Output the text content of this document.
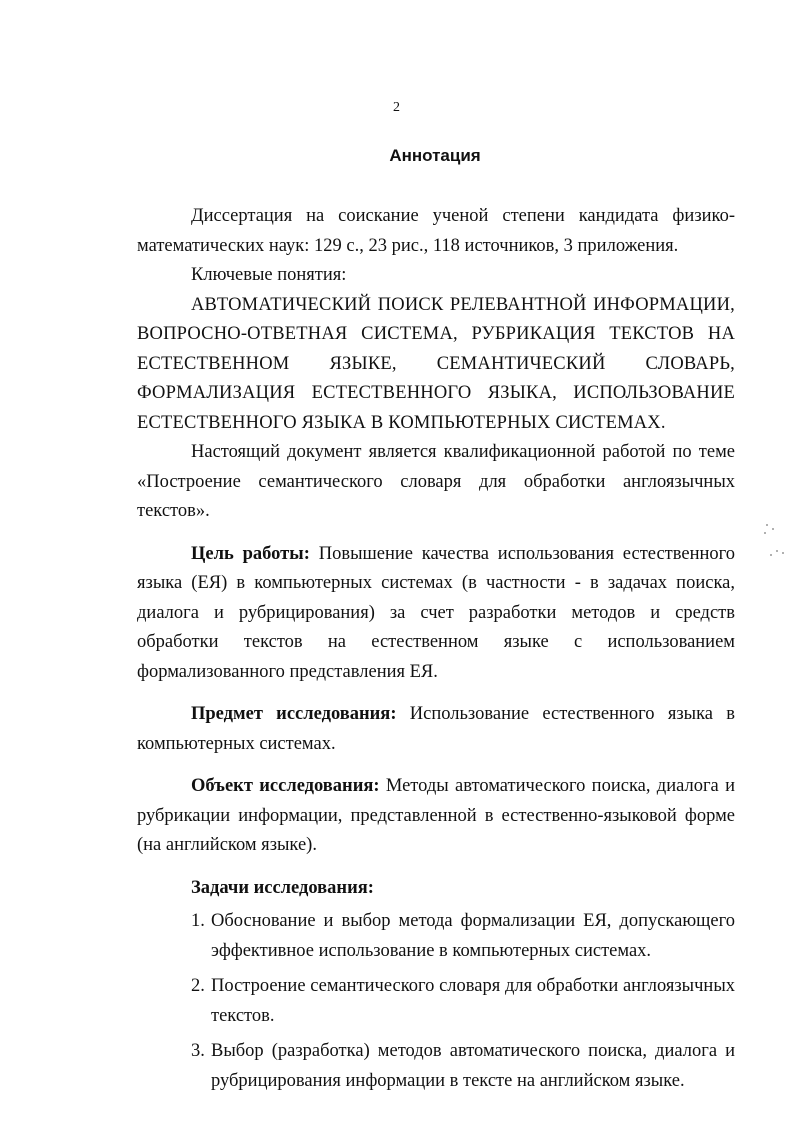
2
Аннотация

Диссертация на соискание ученой степени кандидата физико-математических наук: 129 с., 23 рис., 118 источников, 3 приложения.

Ключевые понятия:

АВТОМАТИЧЕСКИЙ ПОИСК РЕЛЕВАНТНОЙ ИНФОРМАЦИИ, ВОПРОСНО-ОТВЕТНАЯ СИСТЕМА, РУБРИКАЦИЯ ТЕКСТОВ НА ЕСТЕСТВЕННОМ ЯЗЫКЕ, СЕМАНТИЧЕСКИЙ СЛОВАРЬ, ФОРМАЛИЗАЦИЯ ЕСТЕСТВЕННОГО ЯЗЫКА, ИСПОЛЬЗОВАНИЕ ЕСТЕСТВЕННОГО ЯЗЫКА В КОМПЬЮТЕРНЫХ СИСТЕМАХ.

Настоящий документ является квалификационной работой по теме «Построение семантического словаря для обработки англоязычных текстов».

Цель работы: Повышение качества использования естественного языка (ЕЯ) в компьютерных системах (в частности - в задачах поиска, диалога и рубрицирования) за счет разработки методов и средств обработки текстов на естественном языке с использованием формализованного представления ЕЯ.

Предмет исследования: Использование естественного языка в компьютерных системах.

Объект исследования: Методы автоматического поиска, диалога и рубрикации информации, представленной в естественно-языковой форме (на английском языке).

Задачи исследования:

1. Обоснование и выбор метода формализации ЕЯ, допускающего эффективное использование в компьютерных системах.
2. Построение семантического словаря для обработки англоязычных текстов.
3. Выбор (разработка) методов автоматического поиска, диалога и рубрицирования информации в тексте на английском языке.
